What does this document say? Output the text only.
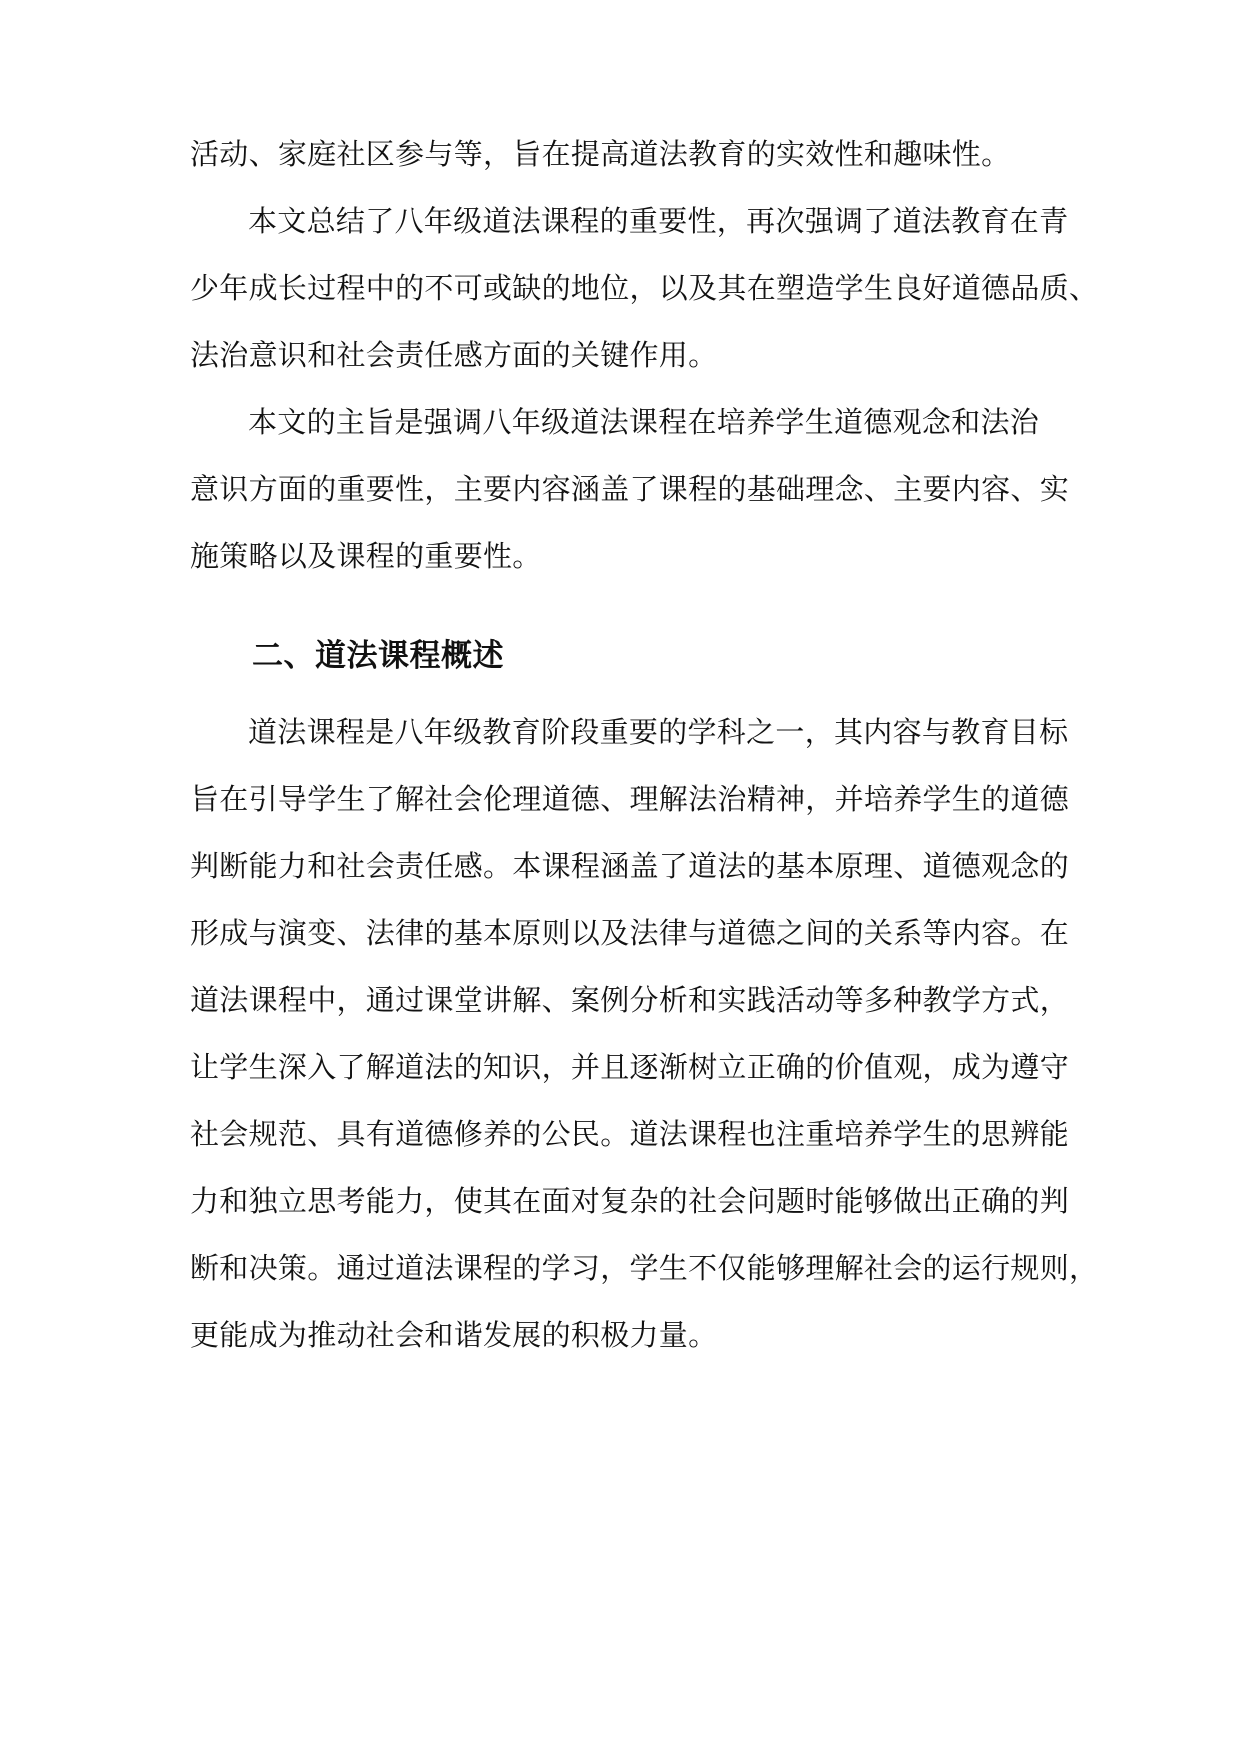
活动、家庭社区参与等，旨在提高道法教育的实效性和趣味性。
本文总结了八年级道法课程的重要性，再次强调了道法教育在青
少年成长过程中的不可或缺的地位，以及其在塑造学生良好道德品质、
法治意识和社会责任感方面的关键作用。
本文的主旨是强调八年级道法课程在培养学生道德观念和法治
意识方面的重要性，主要内容涵盖了课程的基础理念、主要内容、实
施策略以及课程的重要性。
二、道法课程概述
道法课程是八年级教育阶段重要的学科之一，其内容与教育目标
旨在引导学生了解社会伦理道德、理解法治精神，并培养学生的道德
判断能力和社会责任感。本课程涵盖了道法的基本原理、道德观念的
形成与演变、法律的基本原则以及法律与道德之间的关系等内容。在
道法课程中，通过课堂讲解、案例分析和实践活动等多种教学方式，
让学生深入了解道法的知识，并且逐渐树立正确的价值观，成为遵守
社会规范、具有道德修养的公民。道法课程也注重培养学生的思辨能
力和独立思考能力，使其在面对复杂的社会问题时能够做出正确的判
断和决策。通过道法课程的学习，学生不仅能够理解社会的运行规则，
更能成为推动社会和谐发展的积极力量。
